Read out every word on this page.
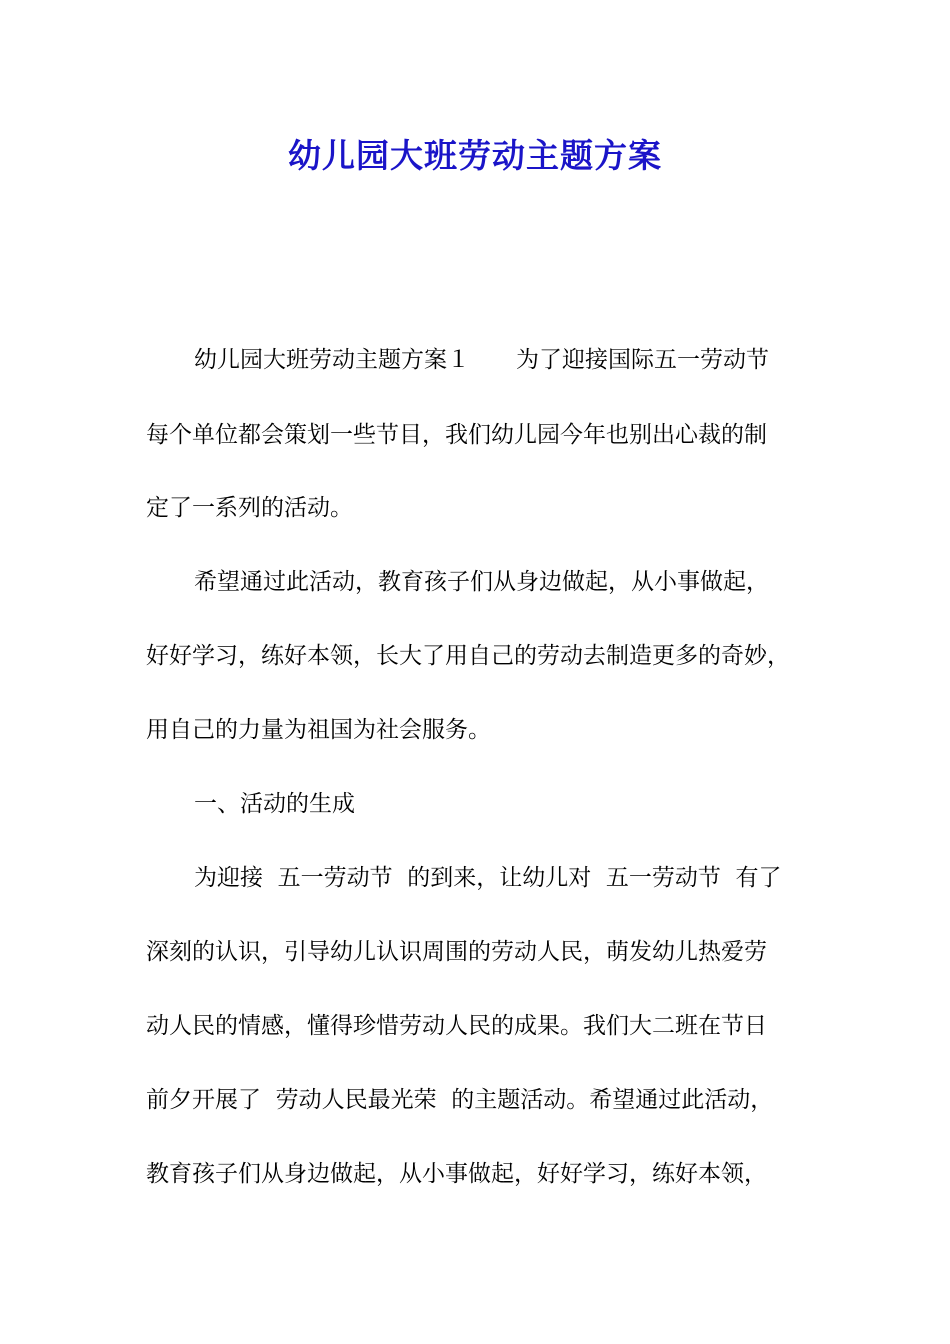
幼儿园大班劳动主题方案

幼儿园大班劳动主题方案１　　为了迎接国际五一劳动节

每个单位都会策划一些节目，我们幼儿园今年也别出心裁的制

定了一系列的活动。

希望通过此活动，教育孩子们从身边做起，从小事做起，

好好学习，练好本领，长大了用自己的劳动去制造更多的奇妙，

用自己的力量为祖国为社会服务。

一、活动的生成

为迎接  五一劳动节  的到来，让幼儿对  五一劳动节  有了

深刻的认识，引导幼儿认识周围的劳动人民，萌发幼儿热爱劳

动人民的情感，懂得珍惜劳动人民的成果。我们大二班在节日

前夕开展了  劳动人民最光荣  的主题活动。希望通过此活动，

教育孩子们从身边做起，从小事做起，好好学习，练好本领，
